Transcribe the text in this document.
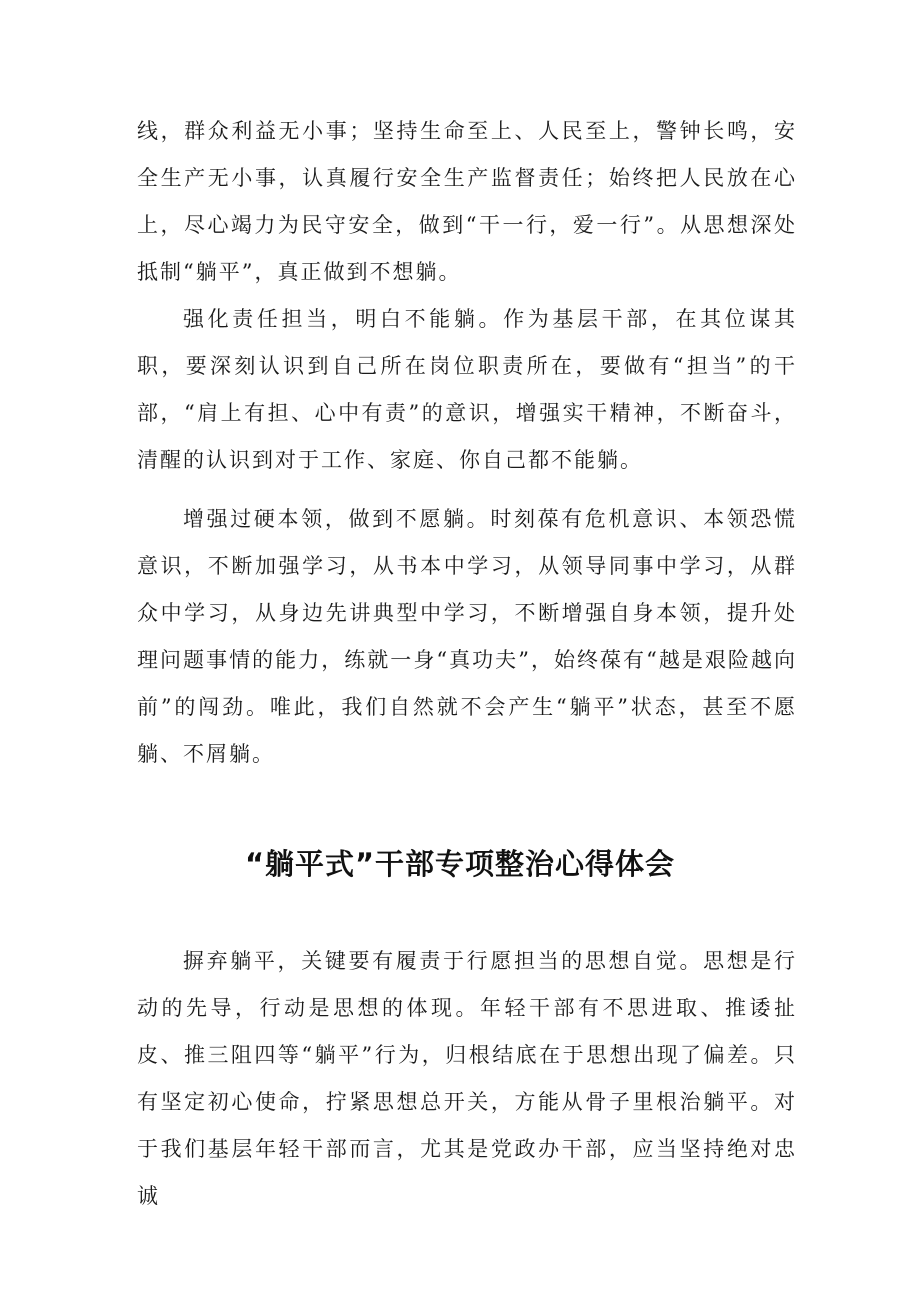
线，群众利益无小事；坚持生命至上、人民至上，警钟长鸣，安全生产无小事，认真履行安全生产监督责任；始终把人民放在心上，尽心竭力为民守安全，做到“干一行，爱一行”。从思想深处抵制“躺平”，真正做到不想躺。

强化责任担当，明白不能躺。作为基层干部，在其位谋其职，要深刻认识到自己所在岗位职责所在，要做有“担当”的干部，“肩上有担、心中有责”的意识，增强实干精神，不断奋斗，清醒的认识到对于工作、家庭、你自己都不能躺。

增强过硬本领，做到不愿躺。时刻葆有危机意识、本领恐慌意识，不断加强学习，从书本中学习，从领导同事中学习，从群众中学习，从身边先讲典型中学习，不断增强自身本领，提升处理问题事情的能力，练就一身“真功夫”，始终葆有“越是艰险越向前”的闯劲。唯此，我们自然就不会产生“躺平”状态，甚至不愿躺、不屑躺。

“躺平式”干部专项整治心得体会

摒弃躺平，关键要有履责于行愿担当的思想自觉。思想是行动的先导，行动是思想的体现。年轻干部有不思进取、推诿扯皮、推三阻四等“躺平”行为，归根结底在于思想出现了偏差。只有坚定初心使命，拧紧思想总开关，方能从骨子里根治躺平。对于我们基层年轻干部而言，尤其是党政办干部，应当坚持绝对忠诚
